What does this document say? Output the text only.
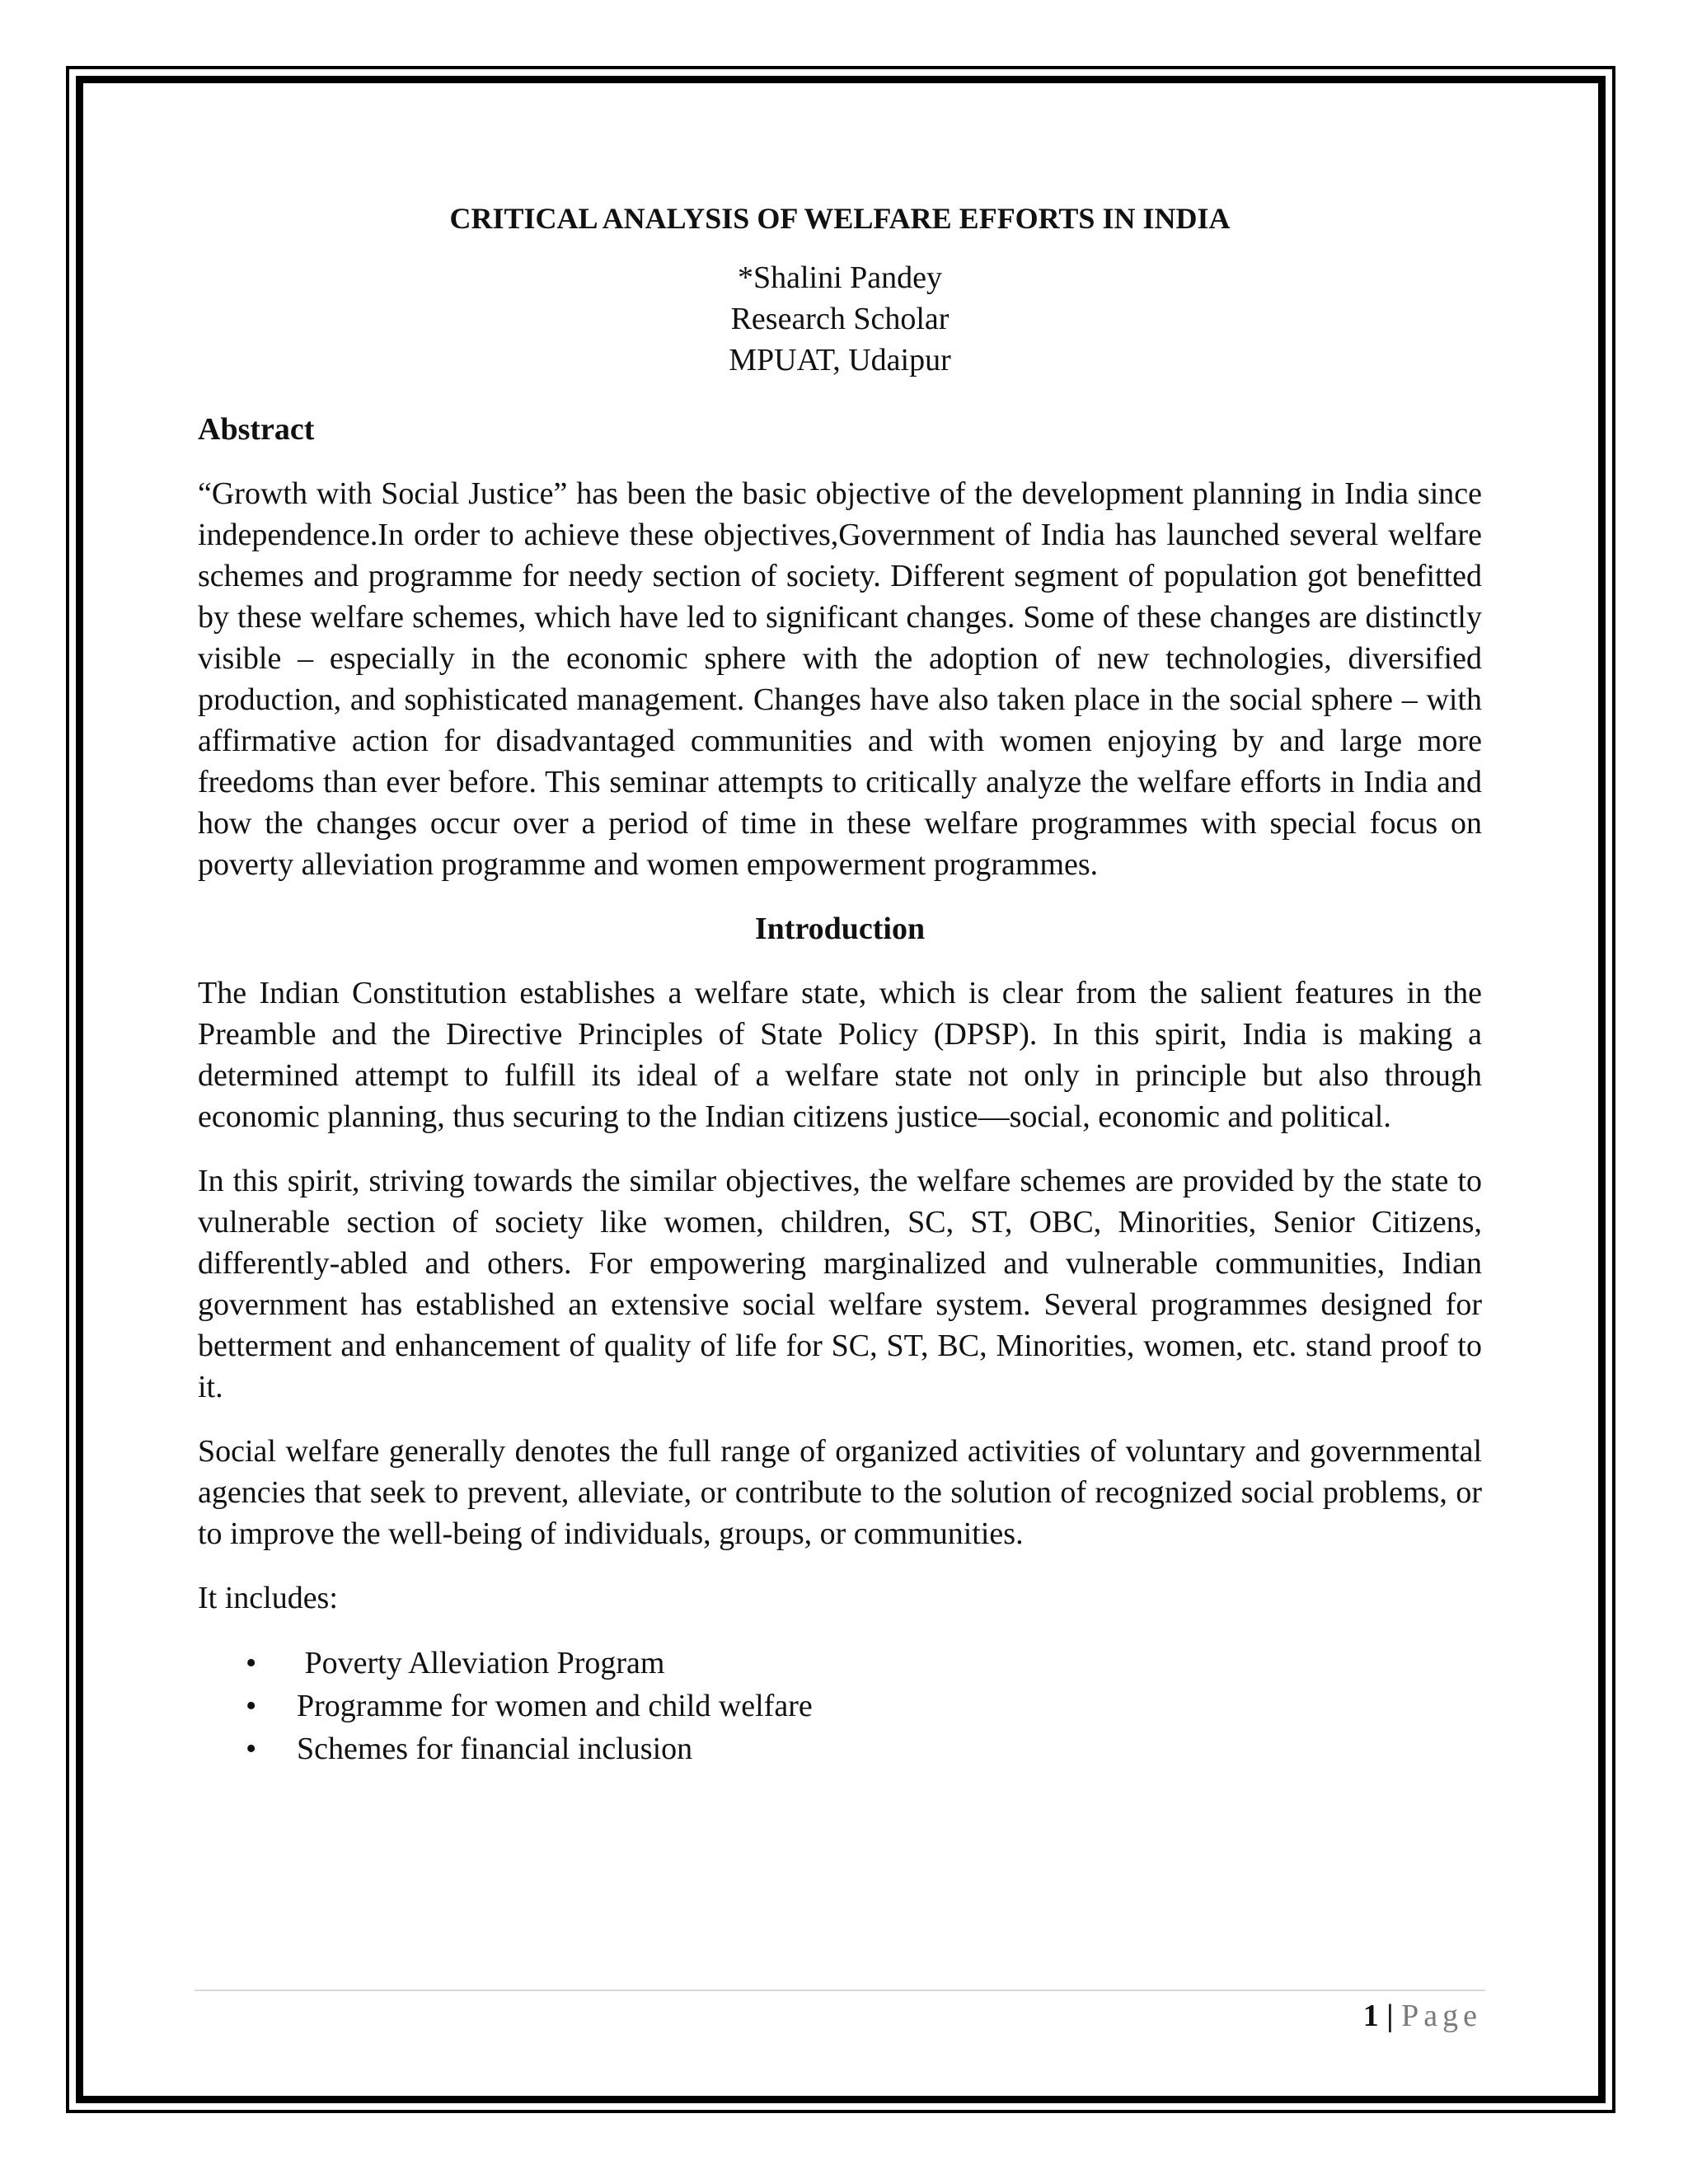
CRITICAL ANALYSIS OF WELFARE EFFORTS IN INDIA
*Shalini Pandey
Research Scholar
MPUAT, Udaipur
Abstract

“Growth with Social Justice” has been the basic objective of the development planning in India since independence.In order to achieve these objectives,Government of India has launched several welfare schemes and programme for needy section of society. Different segment of population got benefitted by these welfare schemes, which have led to significant changes. Some of these changes are distinctly visible – especially in the economic sphere with the adoption of new technologies, diversified production, and sophisticated management. Changes have also taken place in the social sphere – with affirmative action for disadvantaged communities and with women enjoying by and large more freedoms than ever before. This seminar attempts to critically analyze the welfare efforts in India and how the changes occur over a period of time in these welfare programmes with special focus on poverty alleviation programme and women empowerment programmes.

Introduction

The Indian Constitution establishes a welfare state, which is clear from the salient features in the Preamble and the Directive Principles of State Policy (DPSP). In this spirit, India is making a determined attempt to fulfill its ideal of a welfare state not only in principle but also through economic planning, thus securing to the Indian citizens justice—social, economic and political.

In this spirit, striving towards the similar objectives, the welfare schemes are provided by the state to vulnerable section of society like women, children, SC, ST, OBC, Minorities, Senior Citizens, differently-abled and others. For empowering marginalized and vulnerable communities, Indian government has established an extensive social welfare system. Several programmes designed for betterment and enhancement of quality of life for SC, ST, BC, Minorities, women, etc. stand proof to it.

Social welfare generally denotes the full range of organized activities of voluntary and governmental agencies that seek to prevent, alleviate, or contribute to the solution of recognized social problems, or to improve the well-being of individuals, groups, or communities.

It includes:

• Poverty Alleviation Program
• Programme for women and child welfare
• Schemes for financial inclusion
1 | Page
